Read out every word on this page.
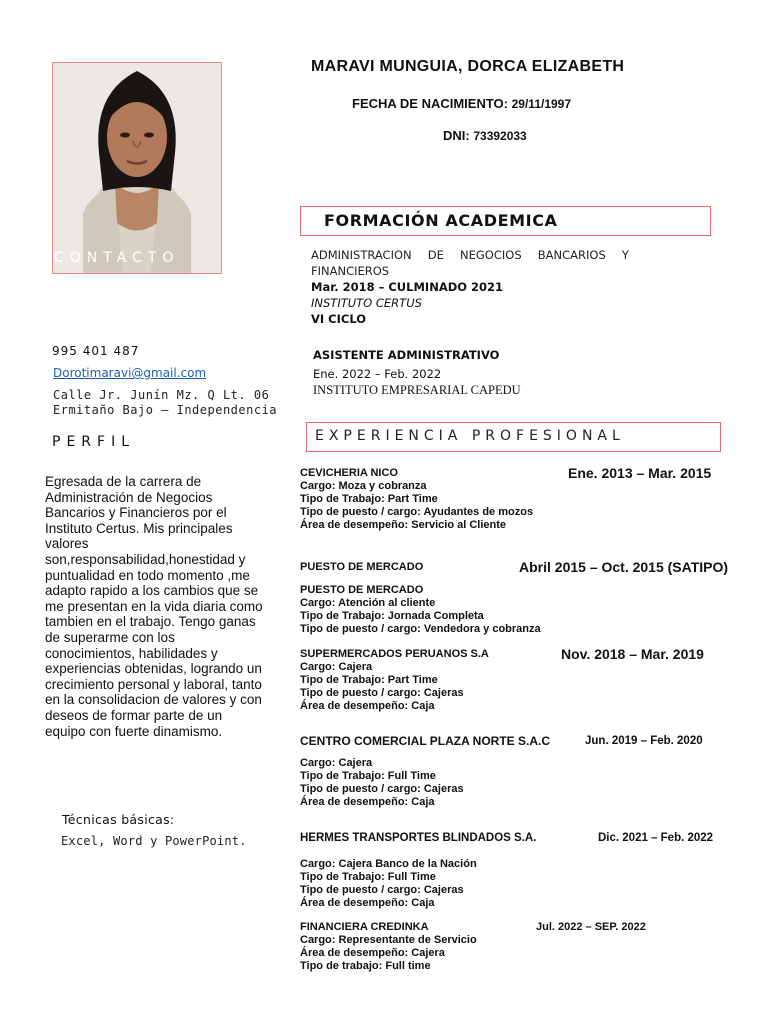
CONTACTO
MARAVI MUNGUIA, DORCA ELIZABETH
FECHA DE NACIMIENTO: 29/11/1997
DNI: 73392033
FORMACIÓN ACADEMICA
ADMINISTRACION DE NEGOCIOS BANCARIOS Y
FINANCIEROS
Mar. 2018 – CULMINADO 2021
INSTITUTO CERTUS
VI CICLO
ASISTENTE ADMINISTRATIVO
Ene. 2022 – Feb. 2022
INSTITUTO EMPRESARIAL CAPEDU
EXPERIENCIA PROFESIONAL
995 401 487
Dorotimaravi@gmail.com
Calle Jr. Junín Mz. Q Lt. 06
Ermitaño Bajo – Independencia
PERFIL
Egresada de la carrera de Administración de Negocios Bancarios y Financieros por el Instituto Certus. Mis principales valores son,responsabilidad,honestidad y puntualidad en todo momento ,me adapto rapido a los cambios que se me presentan en la vida diaria como tambien en el trabajo. Tengo ganas de superarme con los conocimientos, habilidades y experiencias obtenidas, logrando un crecimiento personal y laboral, tanto en la consolidacion de valores y con deseos de formar parte de un equipo con fuerte dinamismo.
Técnicas básicas:
Excel, Word y PowerPoint.
CEVICHERIA NICO	Ene. 2013 – Mar. 2015
Cargo: Moza y cobranza
Tipo de Trabajo: Part Time
Tipo de puesto / cargo: Ayudantes de mozos
Área de desempeño: Servicio al Cliente
PUESTO DE MERCADO	Abril 2015 – Oct. 2015 (SATIPO)
PUESTO DE MERCADO
Cargo: Atención al cliente
Tipo de Trabajo: Jornada Completa
Tipo de puesto / cargo: Vendedora y cobranza
SUPERMERCADOS PERUANOS S.A	Nov. 2018 – Mar. 2019
Cargo: Cajera
Tipo de Trabajo: Part Time
Tipo de puesto / cargo: Cajeras
Área de desempeño: Caja
CENTRO COMERCIAL PLAZA NORTE S.A.C	Jun. 2019 – Feb. 2020
Cargo: Cajera
Tipo de Trabajo: Full Time
Tipo de puesto / cargo: Cajeras
Área de desempeño: Caja
HERMES TRANSPORTES BLINDADOS S.A.	Dic. 2021 – Feb. 2022
Cargo: Cajera Banco de la Nación
Tipo de Trabajo: Full Time
Tipo de puesto / cargo: Cajeras
Área de desempeño: Caja
FINANCIERA CREDINKA	Jul. 2022 – SEP. 2022
Cargo: Representante de Servicio
Área de desempeño: Cajera
Tipo de trabajo: Full time
